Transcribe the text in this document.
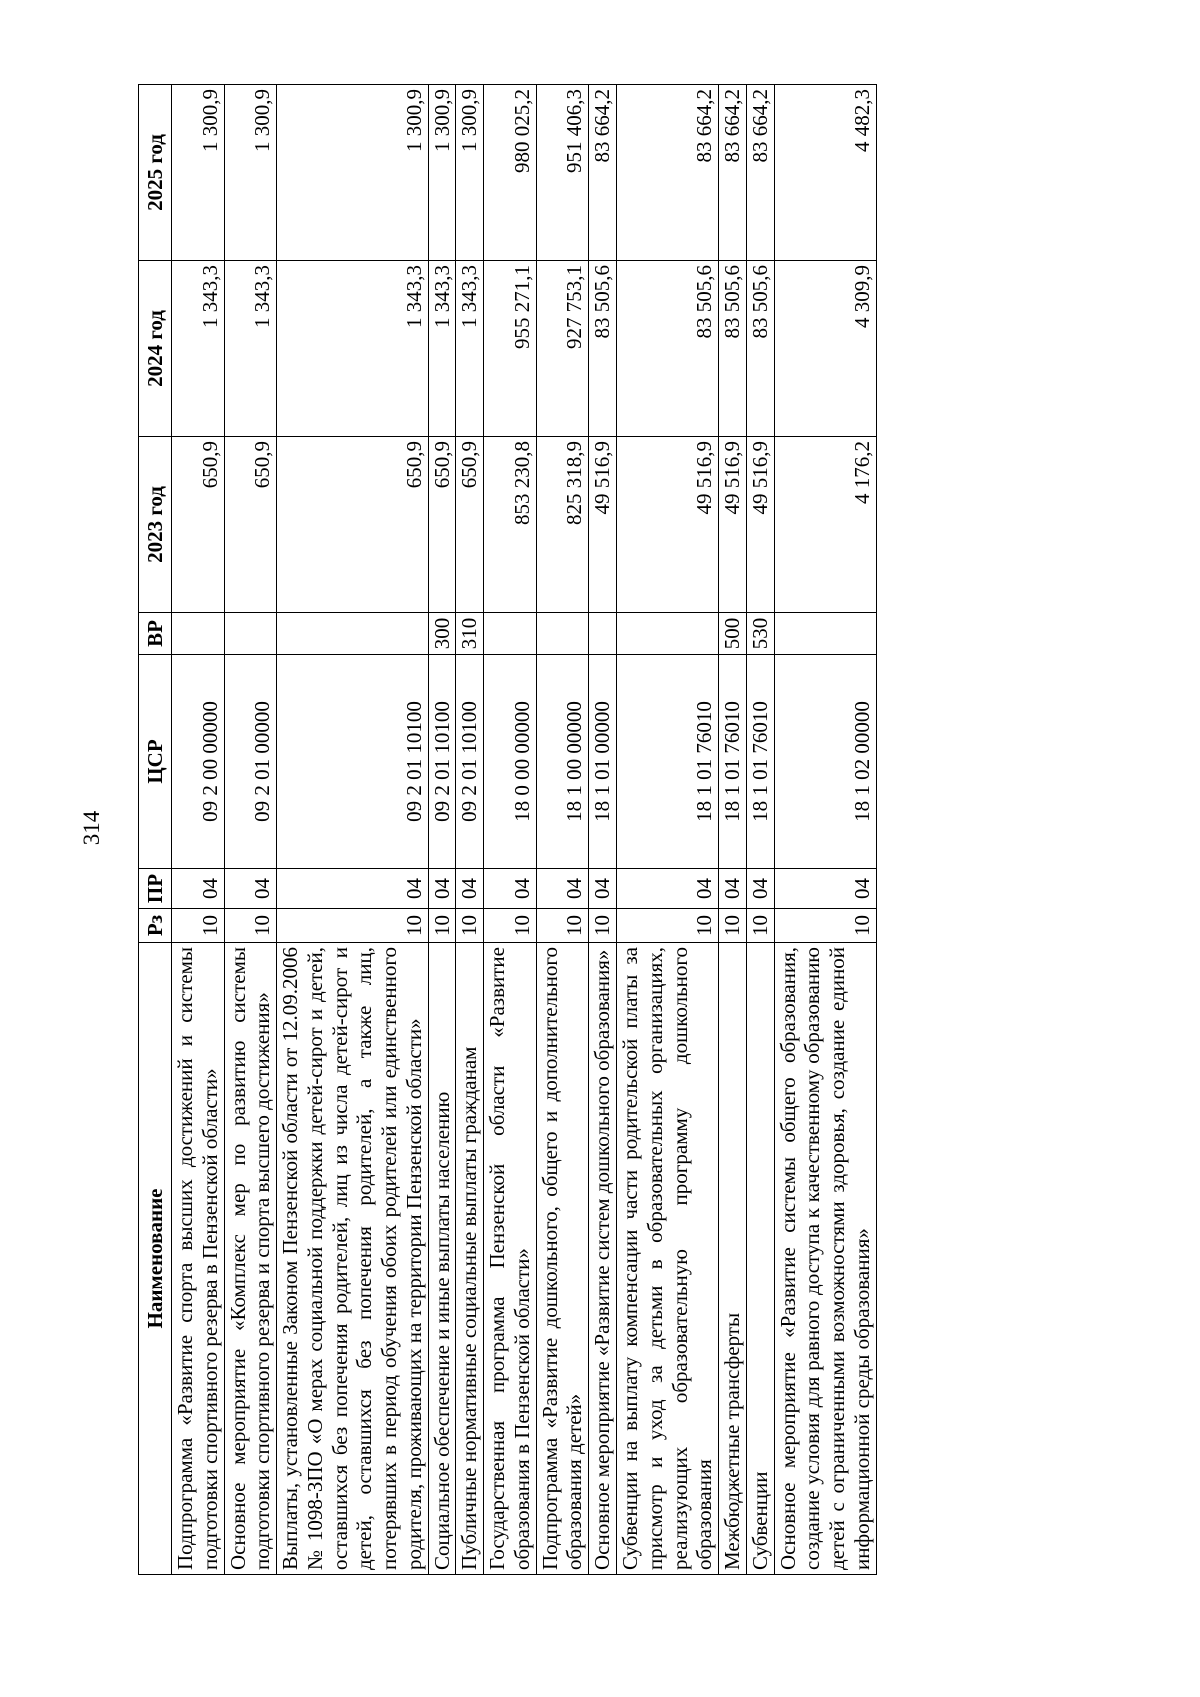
314
Наименование	Рз	ПР	ЦСР	ВР	2023 год	2024 год	2025 год
Подпрограмма «Развитие спорта высших достижений и системы подготовки спортивного резерва в Пензенской области»	10	04	09 2 00 00000		650,9	1 343,3	1 300,9
Основное мероприятие «Комплекс мер по развитию системы подготовки спортивного резерва и спорта высшего достижения»	10	04	09 2 01 00000		650,9	1 343,3	1 300,9
Выплаты, установленные Законом Пензенской области от 12.09.2006 № 1098-ЗПО «О мерах социальной поддержки детей-сирот и детей, оставшихся без попечения родителей, лиц из числа детей-сирот и детей, оставшихся без попечения родителей, а также лиц, потерявших в период обучения обоих родителей или единственного родителя, проживающих на территории Пензенской области»	10	04	09 2 01 10100		650,9	1 343,3	1 300,9
Социальное обеспечение и иные выплаты населению	10	04	09 2 01 10100	300	650,9	1 343,3	1 300,9
Публичные нормативные социальные выплаты гражданам	10	04	09 2 01 10100	310	650,9	1 343,3	1 300,9
Государственная программа Пензенской области «Развитие образования в Пензенской области»	10	04	18 0 00 00000		853 230,8	955 271,1	980 025,2
Подпрограмма «Развитие дошкольного, общего и дополнительного образования детей»	10	04	18 1 00 00000		825 318,9	927 753,1	951 406,3
Основное мероприятие «Развитие систем дошкольного образования»	10	04	18 1 01 00000		49 516,9	83 505,6	83 664,2
Субвенции на выплату компенсации части родительской платы за присмотр и уход за детьми в образовательных организациях, реализующих образовательную программу дошкольного образования	10	04	18 1 01 76010		49 516,9	83 505,6	83 664,2
Межбюджетные трансферты	10	04	18 1 01 76010	500	49 516,9	83 505,6	83 664,2
Субвенции	10	04	18 1 01 76010	530	49 516,9	83 505,6	83 664,2
Основное мероприятие «Развитие системы общего образования, создание условия для равного доступа к качественному образованию детей с ограниченными возможностями здоровья, создание единой информационной среды образования»	10	04	18 1 02 00000		4 176,2	4 309,9	4 482,3
